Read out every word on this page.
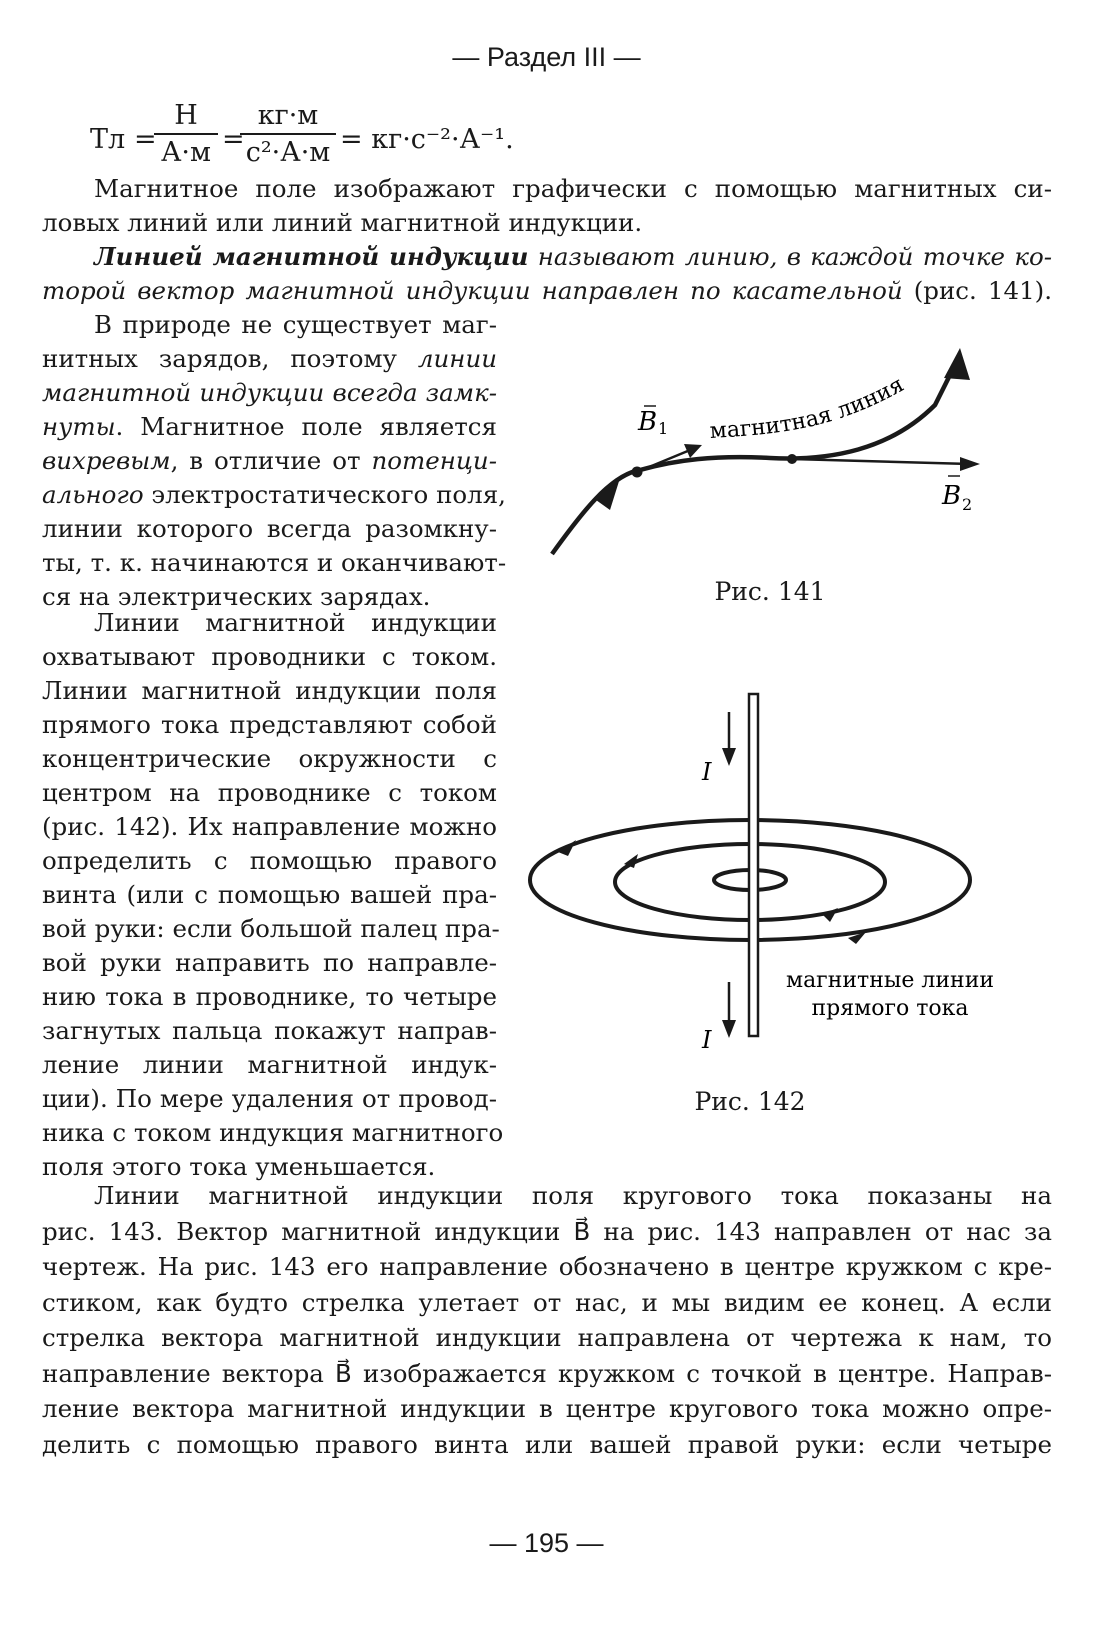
— Раздел III —
Тл =
Н
А·м =
кг·м
с²·А·м = кг·с⁻²·А⁻¹.
Магнитное поле изображают графически с помощью магнитных си-
ловых линий или линий магнитной индукции.
Линией магнитной индукции называют линию, в каждой точке ко-
торой вектор магнитной индукции направлен по касательной (рис. 141).
В природе не существует маг-
нитных зарядов, поэтому линии
магнитной индукции всегда замк-
нуты. Магнитное поле является
вихревым, в отличие от потенци-
ального электростатического поля,
линии которого всегда разомкну-
ты, т. к. начинаются и оканчивают-
ся на электрических зарядах.
Линии магнитной индукции
охватывают проводники с током.
Линии магнитной индукции поля
прямого тока представляют собой
концентрические окружности с
центром на проводнике с током
(рис. 142). Их направление можно
определить с помощью правого
винта (или с помощью вашей пра-
вой руки: если большой палец пра-
вой руки направить по направле-
нию тока в проводнике, то четыре
загнутых пальца покажут направ-
ление линии магнитной индук-
ции). По мере удаления от провод-
ника с током индукция магнитного
поля этого тока уменьшается.
Линии магнитной индукции поля кругового тока показаны на
рис. 143. Вектор магнитной индукции B⃗ на рис. 143 направлен от нас за
чертеж. На рис. 143 его направление обозначено в центре кружком с кре-
стиком, как будто стрелка улетает от нас, и мы видим ее конец. А если
стрелка вектора магнитной индукции направлена от чертежа к нам, то
направление вектора B⃗ изображается кружком с точкой в центре. Направ-
ление вектора магнитной индукции в центре кругового тока можно опре-
делить с помощью правого винта или вашей правой руки: если четыре
B 1
B 2
магнитная линия
Рис. 141
I
I
магнитные линии
прямого тока
Рис. 142
— 195 —
